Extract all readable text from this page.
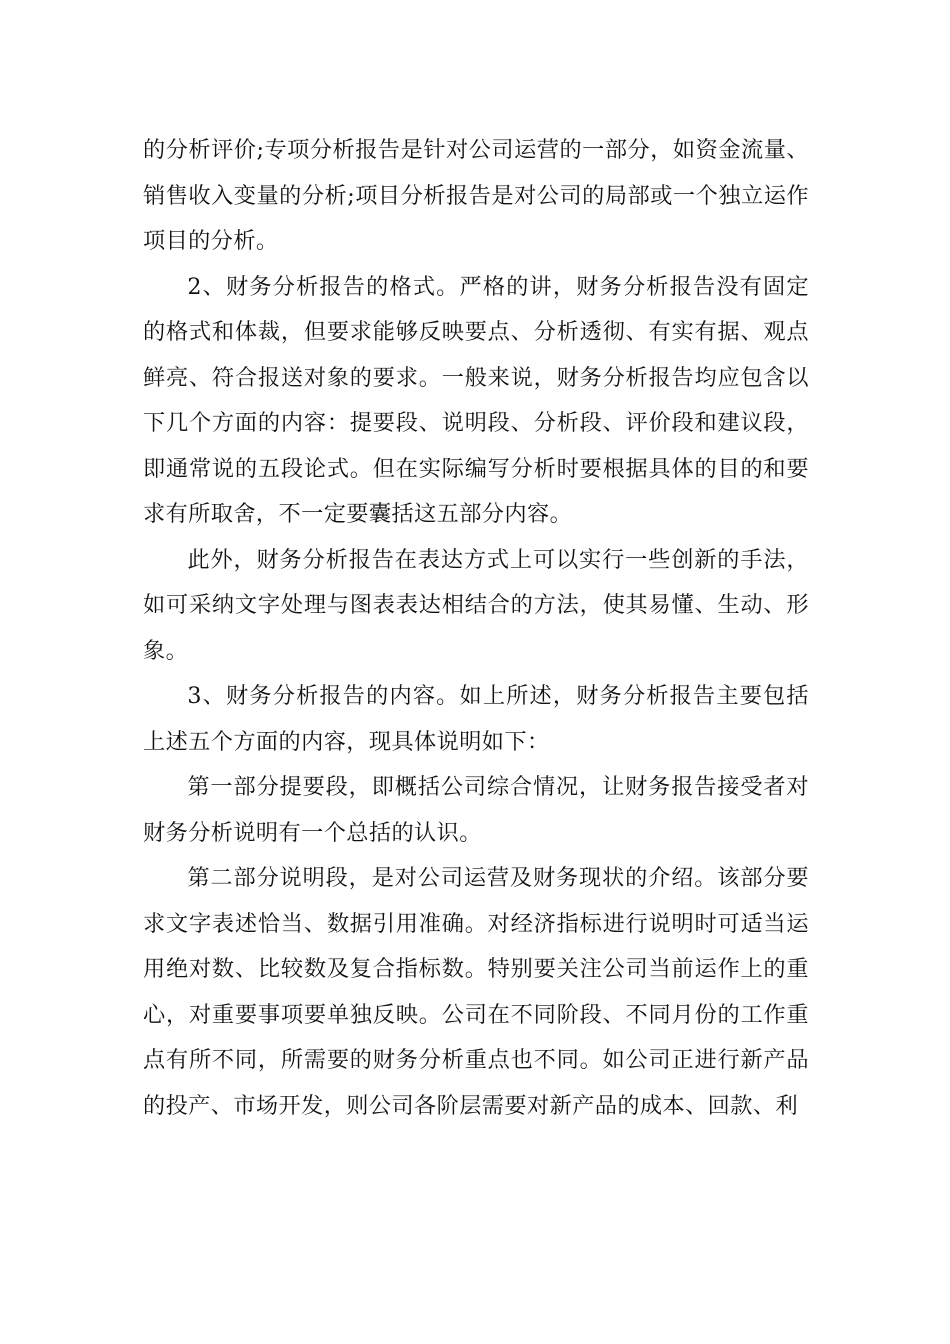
的分析评价;专项分析报告是针对公司运营的一部分，如资金流量、销售收入变量的分析;项目分析报告是对公司的局部或一个独立运作项目的分析。

2、财务分析报告的格式。严格的讲，财务分析报告没有固定的格式和体裁，但要求能够反映要点、分析透彻、有实有据、观点鲜亮、符合报送对象的要求。一般来说，财务分析报告均应包含以下几个方面的内容：提要段、说明段、分析段、评价段和建议段，即通常说的五段论式。但在实际编写分析时要根据具体的目的和要求有所取舍，不一定要囊括这五部分内容。

此外，财务分析报告在表达方式上可以实行一些创新的手法，如可采纳文字处理与图表表达相结合的方法，使其易懂、生动、形象。

3、财务分析报告的内容。如上所述，财务分析报告主要包括上述五个方面的内容，现具体说明如下：

第一部分提要段，即概括公司综合情况，让财务报告接受者对财务分析说明有一个总括的认识。

第二部分说明段，是对公司运营及财务现状的介绍。该部分要求文字表述恰当、数据引用准确。对经济指标进行说明时可适当运用绝对数、比较数及复合指标数。特别要关注公司当前运作上的重心，对重要事项要单独反映。公司在不同阶段、不同月份的工作重点有所不同，所需要的财务分析重点也不同。如公司正进行新产品的投产、市场开发，则公司各阶层需要对新产品的成本、回款、利
